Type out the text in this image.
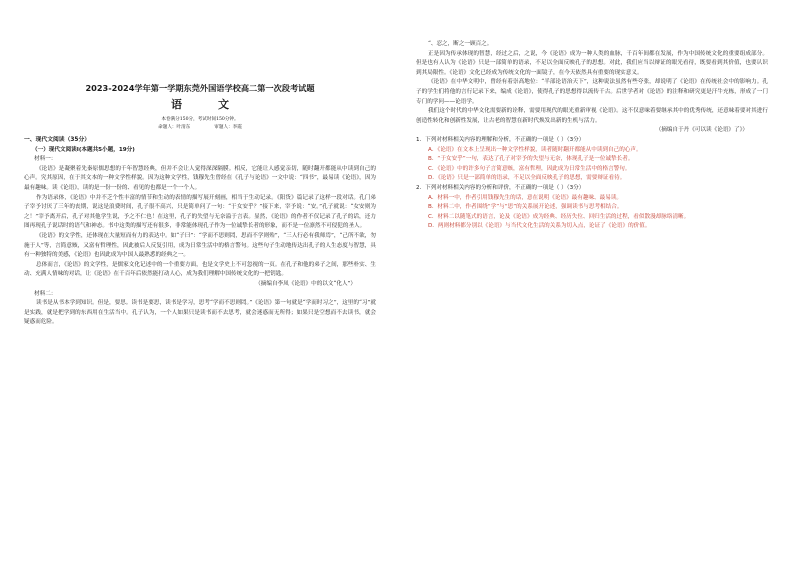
2023-2024学年第一学期东莞外国语学校高二第一次段考试题
语文
本卷满分150分，考试时间150分钟。
命题人：叶清东	审题人：李霞
一、现代文阅读（35分）
（一）现代文阅读Ⅰ(本题共5小题，19分)
材料一：

《论语》是凝聚着先秦原儒思想的千年智慧经典，但并不会让人觉得深深隔膜。相反，它能让人感觉亲切，随时翻开都能从中读到自己的心声。究其原因，在于其文本的一种文学性样貌。因为这种文学性，钱穆先生曾经在《孔子与论语》一文中说：“四书”，最易读《论语》，因为最有趣味。读《论语》，读的是一份一份的、看见的也都是一个一个人。

作为语录体，《论语》中并不乏个性丰富的情节和生动的表情的描写展开刻画，相当于生动记录。《阳货》篇记录了这样一段对话。孔门弟子宰予讨厌了三年的丧期，说这是浪费时间，孔子很不高兴，只是简单问了一句：“于女安乎？”接下来，宰予说：“安。”孔子就说：“女安则为之！”宰予离开后，孔子对其他学生说，予之不仁也！在这里，孔子的失望与无奈溢于言表。显然，《论语》的作者不仅记录了孔子的话，还力图再现孔子说话时的语气和神态。书中这类的描写还有很多，非常能体现孔子作为一位诚挚长者的形象，而不是一位凛然不可侵犯的圣人。

《论语》的文学性，还体现在大量短而有力的表达中。如“子曰”：“学而不思则罔，思而不学则殆”，“三人行必有我师焉”，“己所不欲，勿施于人”等，言简意赅，又富有哲理性，因此被后人反复引用，成为日常生活中的格言警句。这些句子生动地传达出孔子的人生态度与智慧，具有一种独特的美感，《论语》也因此成为中国人最熟悉的经典之一。

总体而言，《论语》的文学性，是儒家文化记述中的一个重要方面，也是文学史上不可忽视的一页。在孔子和他的弟子之间，那些朴实、生动、充满人情味的对话，让《论语》在千百年后依然能打动人心，成为我们理解中国传统文化的一把钥匙。

（摘编自李凤《论语》中的以文“化人”）
材料二：

读书是从书本学到知识。但是，要思。读书是要思，读书是学习，思考“学而不思则罔。”《论语》第一句就是“学而时习之”，这里的“习”就是实践，就是把学到的东西用在生活当中。孔子认为，一个人如果只是读书而不去思考，就会迷惑而无所得；如果只是空想而不去读书，就会疑惑而危险。

“、忍之，断之一顾百之。

正是因为传承体现的智慧，经过之后，之说，今《论语》成为一种人类的血脉，千百年间都在发展，作为中国传统文化的重要组成部分。但是也有人认为《论语》只是一部简单的语录，不足以全面反映孔子的思想。对此，我们应当以辩证的眼光看待，既要看到其价值，也要认识到其局限性。《论语》文化已经成为传统文化的一面镜子，在今天依然具有重要的现实意义。

《论语》在中华文明中，曾经有着崇高地位：“半部论语治天下”，这种说法虽然有些夸张，却说明了《论语》在传统社会中的影响力。孔子的学生们将他的言行记录下来，编成《论语》，使得孔子的思想得以流传千古。后世学者对《论语》的注释和研究更是汗牛充栋，形成了一门专门的学问——论语学。

我们这个时代的中华文化需要新的诠释，需要用现代的眼光重新审视《论语》。这不仅意味着要继承其中的优秀传统，还意味着要对其进行创造性转化和创新性发展，让古老的智慧在新时代焕发出新的生机与活力。

（摘编自于丹《可以读《论语》了》）

1．下列对材料相关内容的理解和分析，不正确的一项是（ ）（3分）

A．《论语》在文本上呈现出一种文学性样貌，读者随时翻开都能从中读到自己的心声。

B．“于女安乎”一句，表达了孔子对宰予的失望与无奈，体现孔子是一位诚挚长者。

C．《论语》中的许多句子言简意赅，富有哲理，因此成为日常生活中的格言警句。

D．《论语》只是一部简单的语录，不足以全面反映孔子的思想，需要辩证看待。

2．下列对材料相关内容的分析和评价，不正确的一项是（ ）（3分）

A．材料一中，作者引用钱穆先生的话，意在说明《论语》最有趣味、最易读。

B．材料二中，作者围绕“学”与“思”的关系展开论述，强调读书与思考相结合。

C．材料二以随笔式的语言，论及《论语》成为经典、经历失位、回归生活的过程，看似散漫却脉络清晰。

D．两则材料都分别以《论语》与当代文化生活的关系为切入点，论证了《论语》的价值。
